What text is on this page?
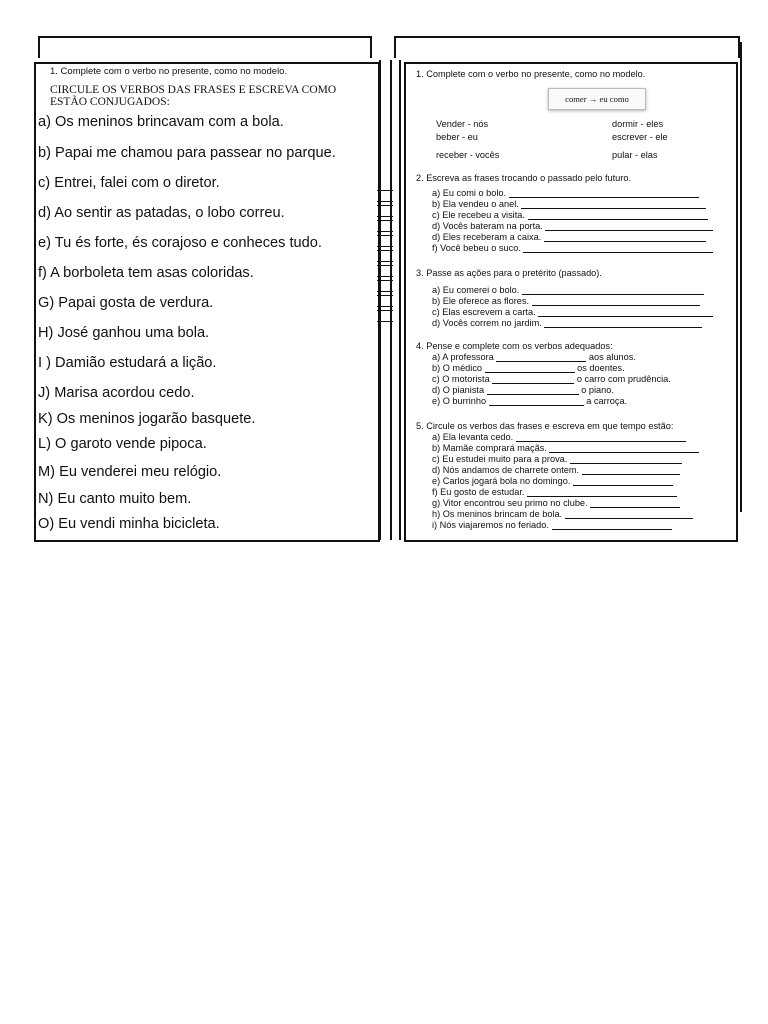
1. Complete com o verbo no presente, como no modelo.
CIRCULE OS VERBOS DAS FRASES E ESCREVA COMO ESTÃO CONJUGADOS:
a) Os meninos brincavam com a bola.
b) Papai me chamou para passear no parque.
c) Entrei, falei com o diretor.
d) Ao sentir as patadas, o lobo correu.
e) Tu és forte, és corajoso e conheces tudo.
f) A borboleta tem asas coloridas.
G) Papai gosta de verdura.
H) José ganhou uma bola.
I ) Damião estudará a lição.
J) Marisa acordou cedo.
K) Os meninos jogarão basquete.
L) O garoto vende pipoca.
M) Eu venderei meu relógio.
N) Eu canto muito bem.
O) Eu vendi minha bicicleta.
1. Complete com o verbo no presente, como no modelo.
comer → eu como
Vender - nós	dormir - eles
beber - eu	escrever - ele
receber - vocês	pular - elas
2. Escreva as frases trocando o passado pelo futuro.
a) Eu comi o bolo.
b) Ela vendeu o anel.
c) Ele recebeu a visita.
d) Vocês bateram na porta.
d) Eles receberam a caixa.
f) Você bebeu o suco.
3. Passe as ações para o pretérito (passado).
a) Eu comerei o bolo.
b) Ele oferece as flores.
c) Elas escrevem a carta.
d) Vocês correm no jardim.
4. Pense e complete com os verbos adequados:
a) A professora	aos alunos.
b) O médico	os doentes.
c) O motorista	o carro com prudência.
d) O pianista	o piano.
e) O burrinho	a carroça.
5. Circule os verbos das frases e escreva em que tempo estão:
a) Ela levanta cedo.
b) Mamãe comprará maçãs.
c) Eu estudei muito para a prova.
d) Nós andamos de charrete ontem.
e) Carlos jogará bola no domingo.
f) Eu gosto de estudar.
g) Vitor encontrou seu primo no clube.
h) Os meninos brincam de bola.
i) Nós viajaremos no feriado.
